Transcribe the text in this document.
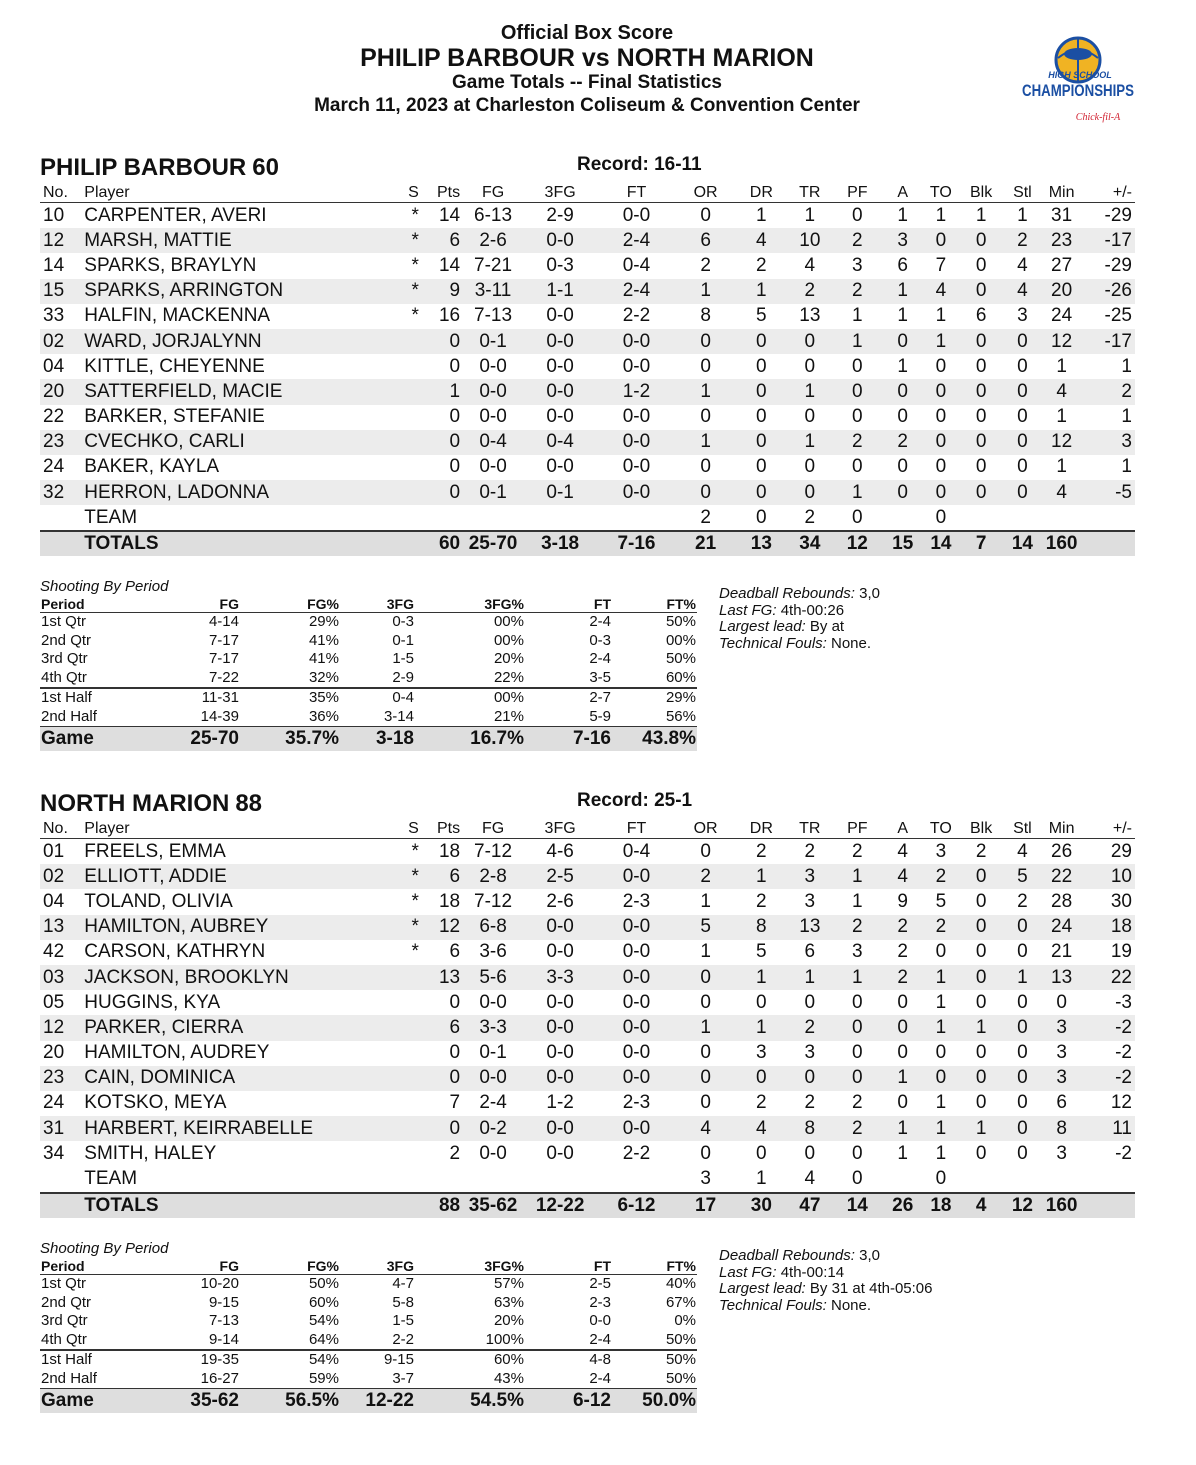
Official Box Score
PHILIP BARBOUR vs NORTH MARION
Game Totals -- Final Statistics
March 11, 2023 at Charleston Coliseum & Convention Center
HIGH SCHOOL
CHAMPIONSHIPS
Chick-fil-A
PHILIP BARBOUR 60	Record: 16-11
No.	Player	S	Pts	FG	3FG	FT	OR	DR	TR	PF	A	TO	Blk	Stl	Min	+/-
10	CARPENTER, AVERI	*	14	6-13	2-9	0-0	0	1	1	0	1	1	1	1	31	-29
12	MARSH, MATTIE	*	6	2-6	0-0	2-4	6	4	10	2	3	0	0	2	23	-17
14	SPARKS, BRAYLYN	*	14	7-21	0-3	0-4	2	2	4	3	6	7	0	4	27	-29
15	SPARKS, ARRINGTON	*	9	3-11	1-1	2-4	1	1	2	2	1	4	0	4	20	-26
33	HALFIN, MACKENNA	*	16	7-13	0-0	2-2	8	5	13	1	1	1	6	3	24	-25
02	WARD, JORJALYNN		0	0-1	0-0	0-0	0	0	0	1	0	1	0	0	12	-17
04	KITTLE, CHEYENNE		0	0-0	0-0	0-0	0	0	0	0	1	0	0	0	1	1
20	SATTERFIELD, MACIE		1	0-0	0-0	1-2	1	0	1	0	0	0	0	0	4	2
22	BARKER, STEFANIE		0	0-0	0-0	0-0	0	0	0	0	0	0	0	0	1	1
23	CVECHKO, CARLI		0	0-4	0-4	0-0	1	0	1	2	2	0	0	0	12	3
24	BAKER, KAYLA		0	0-0	0-0	0-0	0	0	0	0	0	0	0	0	1	1
32	HERRON, LADONNA		0	0-1	0-1	0-0	0	0	0	1	0	0	0	0	4	-5
	TEAM						2	0	2	0		0				
	TOTALS		60	25-70	3-18	7-16	21	13	34	12	15	14	7	14	160	
Shooting By Period
Period	FG	FG%	3FG	3FG%	FT	FT%
1st Qtr	4-14	29%	0-3	00%	2-4	50%
2nd Qtr	7-17	41%	0-1	00%	0-3	00%
3rd Qtr	7-17	41%	1-5	20%	2-4	50%
4th Qtr	7-22	32%	2-9	22%	3-5	60%
1st Half	11-31	35%	0-4	00%	2-7	29%
2nd Half	14-39	36%	3-14	21%	5-9	56%
Game	25-70	35.7%	3-18	16.7%	7-16	43.8%
Deadball Rebounds: 3,0
Last FG: 4th-00:26
Largest lead: By at
Technical Fouls: None.
NORTH MARION 88	Record: 25-1
No.	Player	S	Pts	FG	3FG	FT	OR	DR	TR	PF	A	TO	Blk	Stl	Min	+/-
01	FREELS, EMMA	*	18	7-12	4-6	0-4	0	2	2	2	4	3	2	4	26	29
02	ELLIOTT, ADDIE	*	6	2-8	2-5	0-0	2	1	3	1	4	2	0	5	22	10
04	TOLAND, OLIVIA	*	18	7-12	2-6	2-3	1	2	3	1	9	5	0	2	28	30
13	HAMILTON, AUBREY	*	12	6-8	0-0	0-0	5	8	13	2	2	2	0	0	24	18
42	CARSON, KATHRYN	*	6	3-6	0-0	0-0	1	5	6	3	2	0	0	0	21	19
03	JACKSON, BROOKLYN		13	5-6	3-3	0-0	0	1	1	1	2	1	0	1	13	22
05	HUGGINS, KYA		0	0-0	0-0	0-0	0	0	0	0	0	1	0	0	0	-3
12	PARKER, CIERRA		6	3-3	0-0	0-0	1	1	2	0	0	1	1	0	3	-2
20	HAMILTON, AUDREY		0	0-1	0-0	0-0	0	3	3	0	0	0	0	0	3	-2
23	CAIN, DOMINICA		0	0-0	0-0	0-0	0	0	0	0	1	0	0	0	3	-2
24	KOTSKO, MEYA		7	2-4	1-2	2-3	0	2	2	2	0	1	0	0	6	12
31	HARBERT, KEIRRABELLE		0	0-2	0-0	0-0	4	4	8	2	1	1	1	0	8	11
34	SMITH, HALEY		2	0-0	0-0	2-2	0	0	0	0	1	1	0	0	3	-2
	TEAM						3	1	4	0		0				
	TOTALS		88	35-62	12-22	6-12	17	30	47	14	26	18	4	12	160	
Shooting By Period
Period	FG	FG%	3FG	3FG%	FT	FT%
1st Qtr	10-20	50%	4-7	57%	2-5	40%
2nd Qtr	9-15	60%	5-8	63%	2-3	67%
3rd Qtr	7-13	54%	1-5	20%	0-0	0%
4th Qtr	9-14	64%	2-2	100%	2-4	50%
1st Half	19-35	54%	9-15	60%	4-8	50%
2nd Half	16-27	59%	3-7	43%	2-4	50%
Game	35-62	56.5%	12-22	54.5%	6-12	50.0%
Deadball Rebounds: 3,0
Last FG: 4th-00:14
Largest lead: By 31 at 4th-05:06
Technical Fouls: None.
